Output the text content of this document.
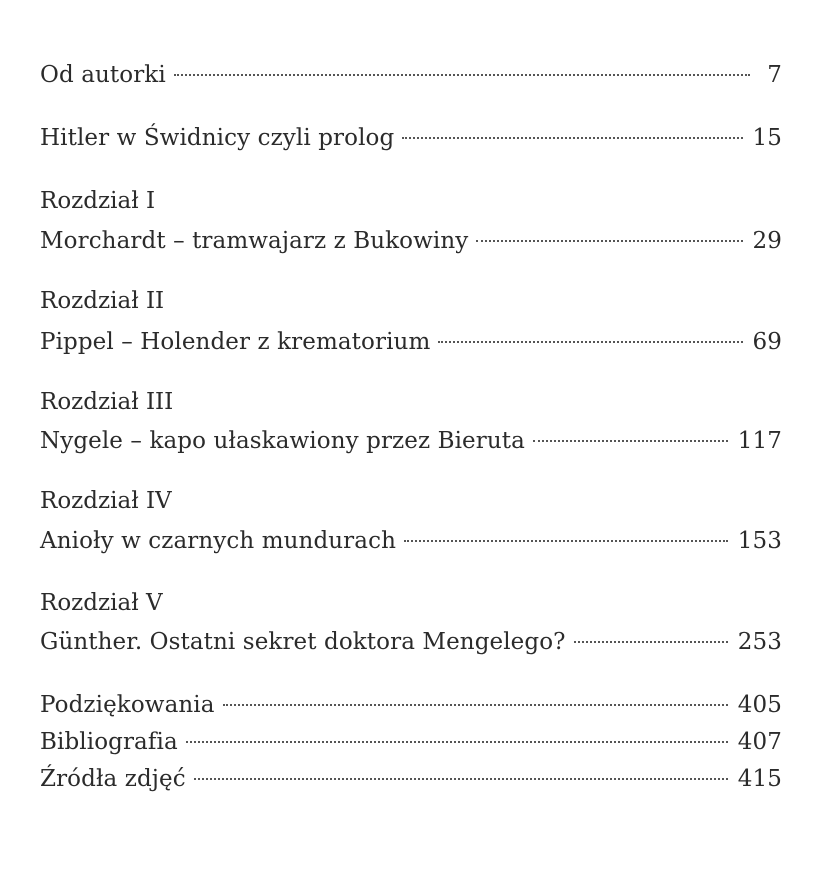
Od autorki	7
Hitler w Świdnicy czyli prolog	15
Rozdział I
Morchardt – tramwajarz z Bukowiny	29
Rozdział II
Pippel – Holender z krematorium	69
Rozdział III
Nygele – kapo ułaskawiony przez Bieruta	117
Rozdział IV
Anioły w czarnych mundurach	153
Rozdział V
Günther. Ostatni sekret doktora Mengelego?	253
Podziękowania	405
Bibliografia	407
Źródła zdjęć	415
